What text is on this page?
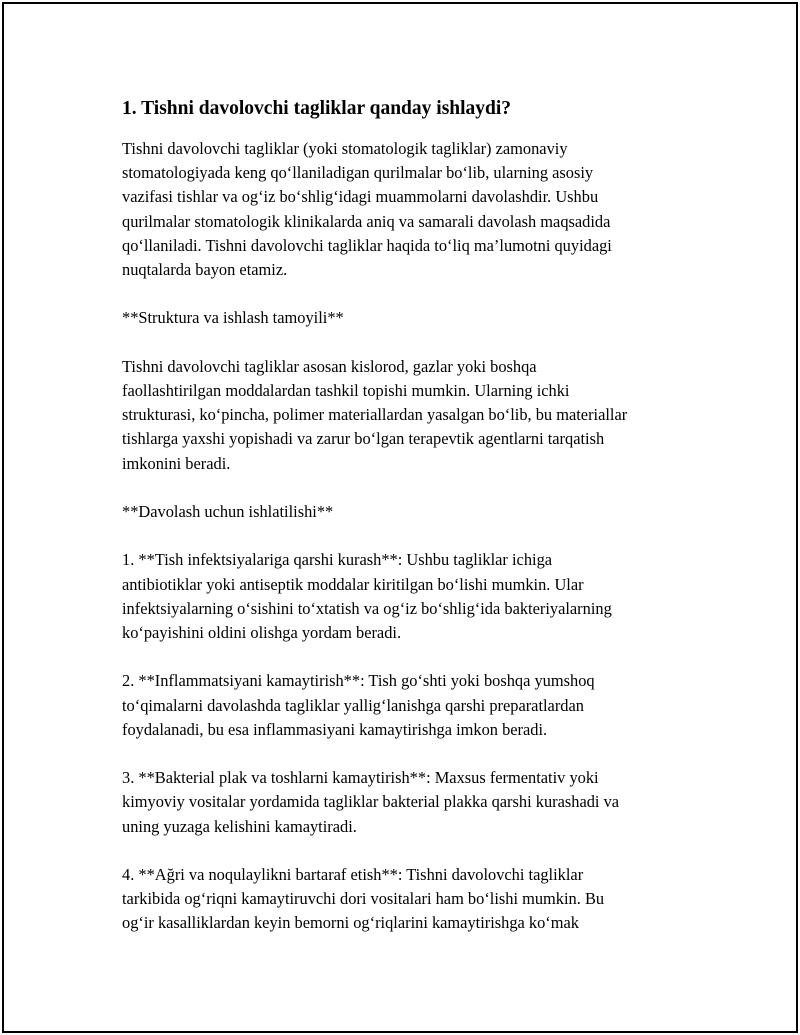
1. Tishni davolovchi tagliklar qanday ishlaydi?
Tishni davolovchi tagliklar (yoki stomatologik tagliklar) zamonaviy
stomatologiyada keng qo‘llaniladigan qurilmalar bo‘lib, ularning asosiy
vazifasi tishlar va og‘iz bo‘shlig‘idagi muammolarni davolashdir. Ushbu
qurilmalar stomatologik klinikalarda aniq va samarali davolash maqsadida
qo‘llaniladi. Tishni davolovchi tagliklar haqida to‘liq ma’lumotni quyidagi
nuqtalarda bayon etamiz.
**Struktura va ishlash tamoyili**
Tishni davolovchi tagliklar asosan kislorod, gazlar yoki boshqa
faollashtirilgan moddalardan tashkil topishi mumkin. Ularning ichki
strukturasi, ko‘pincha, polimer materiallardan yasalgan bo‘lib, bu materiallar
tishlarga yaxshi yopishadi va zarur bo‘lgan terapevtik agentlarni tarqatish
imkonini beradi.
**Davolash uchun ishlatilishi**
1. **Tish infektsiyalariga qarshi kurash**: Ushbu tagliklar ichiga
antibiotiklar yoki antiseptik moddalar kiritilgan bo‘lishi mumkin. Ular
infektsiyalarning o‘sishini to‘xtatish va og‘iz bo‘shlig‘ida bakteriyalarning
ko‘payishini oldini olishga yordam beradi.
2. **Inflammatsiyani kamaytirish**: Tish go‘shti yoki boshqa yumshoq
to‘qimalarni davolashda tagliklar yallig‘lanishga qarshi preparatlardan
foydalanadi, bu esa inflammasiyani kamaytirishga imkon beradi.
3. **Bakterial plak va toshlarni kamaytirish**: Maxsus fermentativ yoki
kimyoviy vositalar yordamida tagliklar bakterial plakka qarshi kurashadi va
uning yuzaga kelishini kamaytiradi.
4. **Ağri va noqulaylikni bartaraf etish**: Tishni davolovchi tagliklar
tarkibida og‘riqni kamaytiruvchi dori vositalari ham bo‘lishi mumkin. Bu
og‘ir kasalliklardan keyin bemorni og‘riqlarini kamaytirishga ko‘mak
